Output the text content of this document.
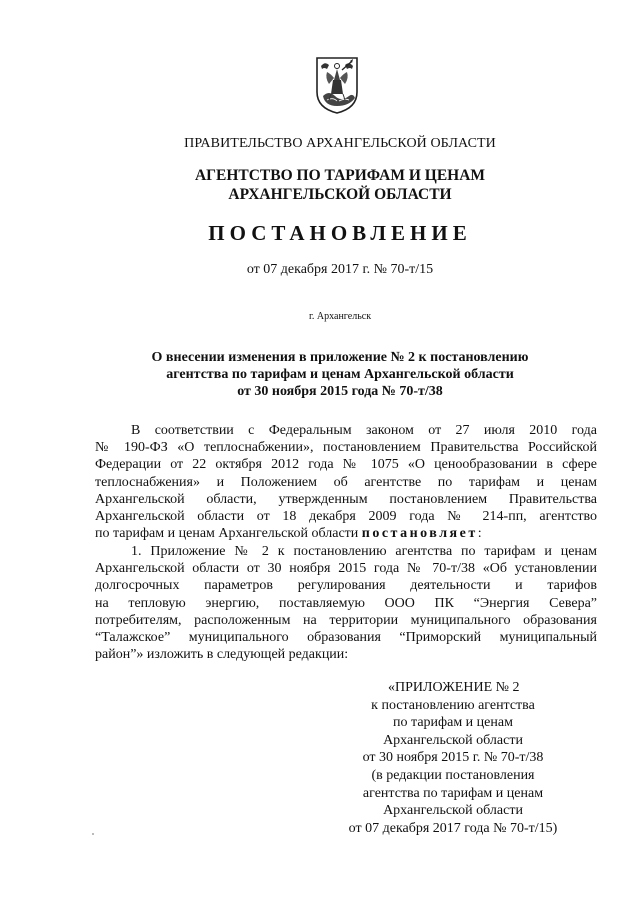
ПРАВИТЕЛЬСТВО АРХАНГЕЛЬСКОЙ ОБЛАСТИ
АГЕНТСТВО ПО ТАРИФАМ И ЦЕНАМ
АРХАНГЕЛЬСКОЙ ОБЛАСТИ
ПОСТАНОВЛЕНИЕ
от 07 декабря 2017 г. № 70-т/15
г. Архангельск
О внесении изменения в приложение № 2 к постановлению
агентства по тарифам и ценам Архангельской области
от 30 ноября 2015 года № 70-т/38
В соответствии с Федеральным законом от 27 июля 2010 года
№ 190-ФЗ «О теплоснабжении», постановлением Правительства Российской
Федерации от 22 октября 2012 года № 1075 «О ценообразовании в сфере
теплоснабжения» и Положением об агентстве по тарифам и ценам
Архангельской области, утвержденным постановлением Правительства
Архангельской области от 18 декабря 2009 года № 214-пп, агентство
по тарифам и ценам Архангельской области постановляет:
1. Приложение № 2 к постановлению агентства по тарифам и ценам
Архангельской области от 30 ноября 2015 года № 70-т/38 «Об установлении
долгосрочных параметров регулирования деятельности и тарифов
на тепловую энергию, поставляемую ООО ПК “Энергия Севера”
потребителям, расположенным на территории муниципального образования
“Талажское” муниципального образования “Приморский муниципальный
район”» изложить в следующей редакции:
«ПРИЛОЖЕНИЕ № 2
к постановлению агентства
по тарифам и ценам
Архангельской области
от 30 ноября 2015 г. № 70-т/38
(в редакции постановления
агентства по тарифам и ценам
Архангельской области
от 07 декабря 2017 года № 70-т/15)
